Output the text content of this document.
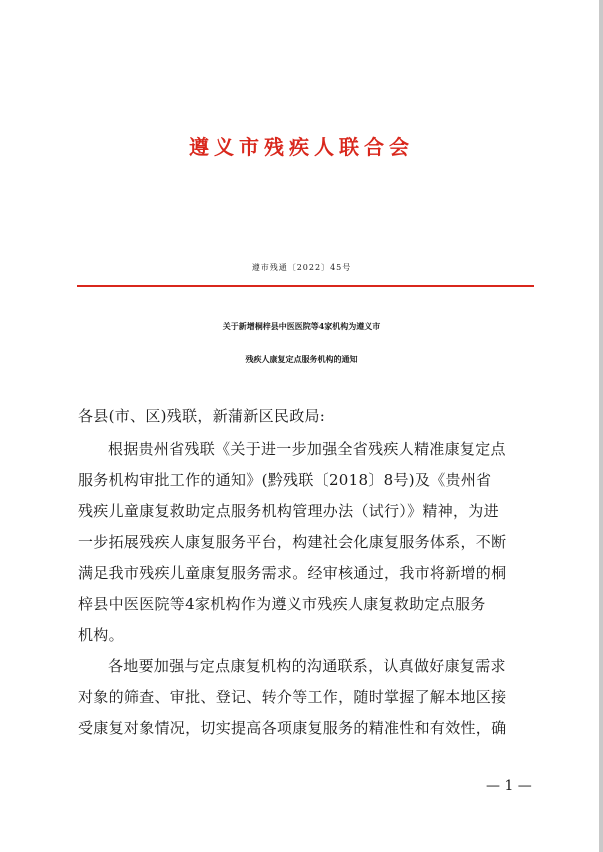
遵义市残疾人联合会
遵市残通〔2022〕45号
关于新增桐梓县中医医院等4家机构为遵义市
残疾人康复定点服务机构的通知
各县(市、区)残联，新蒲新区民政局:
根据贵州省残联《关于进一步加强全省残疾人精准康复定点
服务机构审批工作的通知》(黔残联〔2018〕8号)及《贵州省
残疾儿童康复救助定点服务机构管理办法（试行）》精神，为进
一步拓展残疾人康复服务平台，构建社会化康复服务体系，不断
满足我市残疾儿童康复服务需求。经审核通过，我市将新增的桐
梓县中医医院等4家机构作为遵义市残疾人康复救助定点服务
机构。
各地要加强与定点康复机构的沟通联系，认真做好康复需求
对象的筛查、审批、登记、转介等工作，随时掌握了解本地区接
受康复对象情况，切实提高各项康复服务的精准性和有效性，确
— 1 —
